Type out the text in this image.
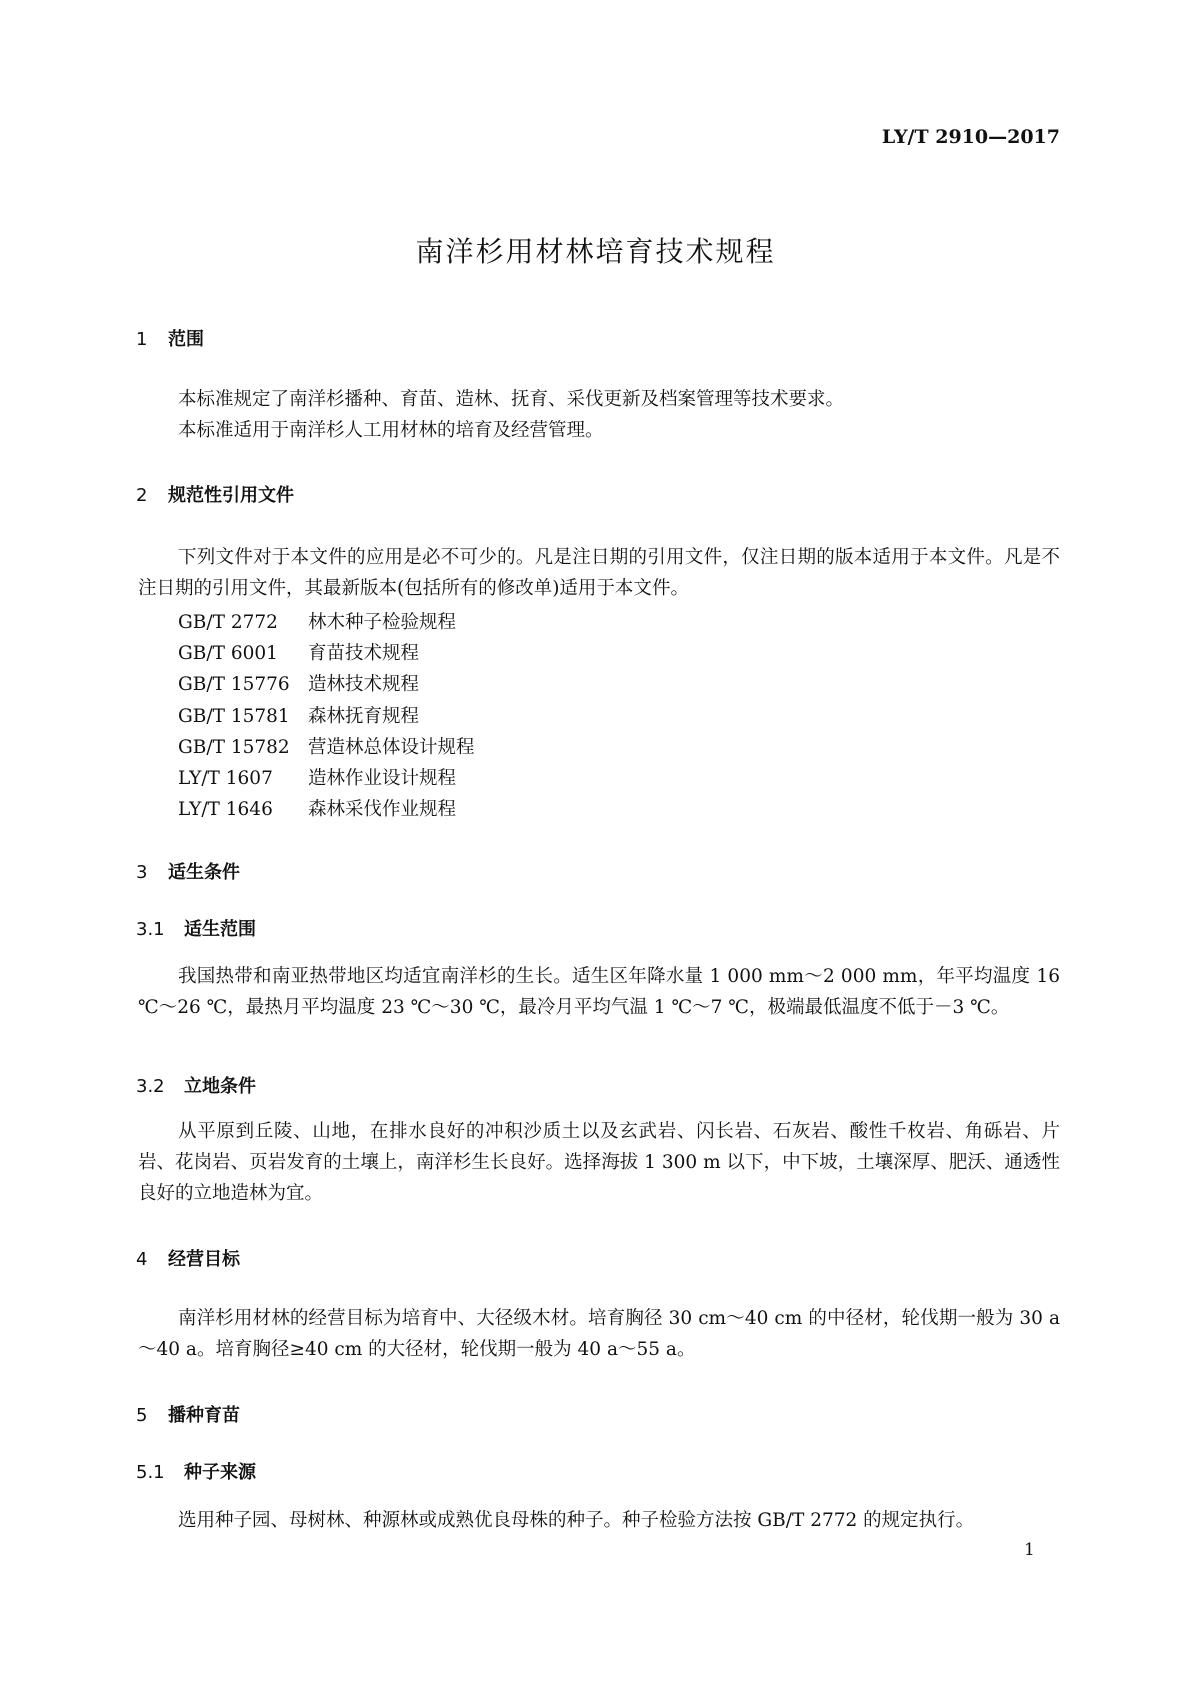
LY/T 2910—2017
南洋杉用材林培育技术规程
1 范围
本标准规定了南洋杉播种、育苗、造林、抚育、采伐更新及档案管理等技术要求。
本标准适用于南洋杉人工用材林的培育及经营管理。
2 规范性引用文件
下列文件对于本文件的应用是必不可少的。凡是注日期的引用文件，仅注日期的版本适用于本文件。凡是不注日期的引用文件，其最新版本(包括所有的修改单)适用于本文件。
GB/T 2772 林木种子检验规程
GB/T 6001 育苗技术规程
GB/T 15776 造林技术规程
GB/T 15781 森林抚育规程
GB/T 15782 营造林总体设计规程
LY/T 1607 造林作业设计规程
LY/T 1646 森林采伐作业规程
3 适生条件
3.1 适生范围
我国热带和南亚热带地区均适宜南洋杉的生长。适生区年降水量 1 000 mm～2 000 mm，年平均温度 16 ℃～26 ℃，最热月平均温度 23 ℃～30 ℃，最冷月平均气温 1 ℃～7 ℃，极端最低温度不低于－3 ℃。
3.2 立地条件
从平原到丘陵、山地，在排水良好的冲积沙质土以及玄武岩、闪长岩、石灰岩、酸性千枚岩、角砾岩、片岩、花岗岩、页岩发育的土壤上，南洋杉生长良好。选择海拔 1 300 m 以下，中下坡，土壤深厚、肥沃、通透性良好的立地造林为宜。
4 经营目标
南洋杉用材林的经营目标为培育中、大径级木材。培育胸径 30 cm～40 cm 的中径材，轮伐期一般为 30 a～40 a。培育胸径≥40 cm 的大径材，轮伐期一般为 40 a～55 a。
5 播种育苗
5.1 种子来源
选用种子园、母树林、种源林或成熟优良母株的种子。种子检验方法按 GB/T 2772 的规定执行。
1
